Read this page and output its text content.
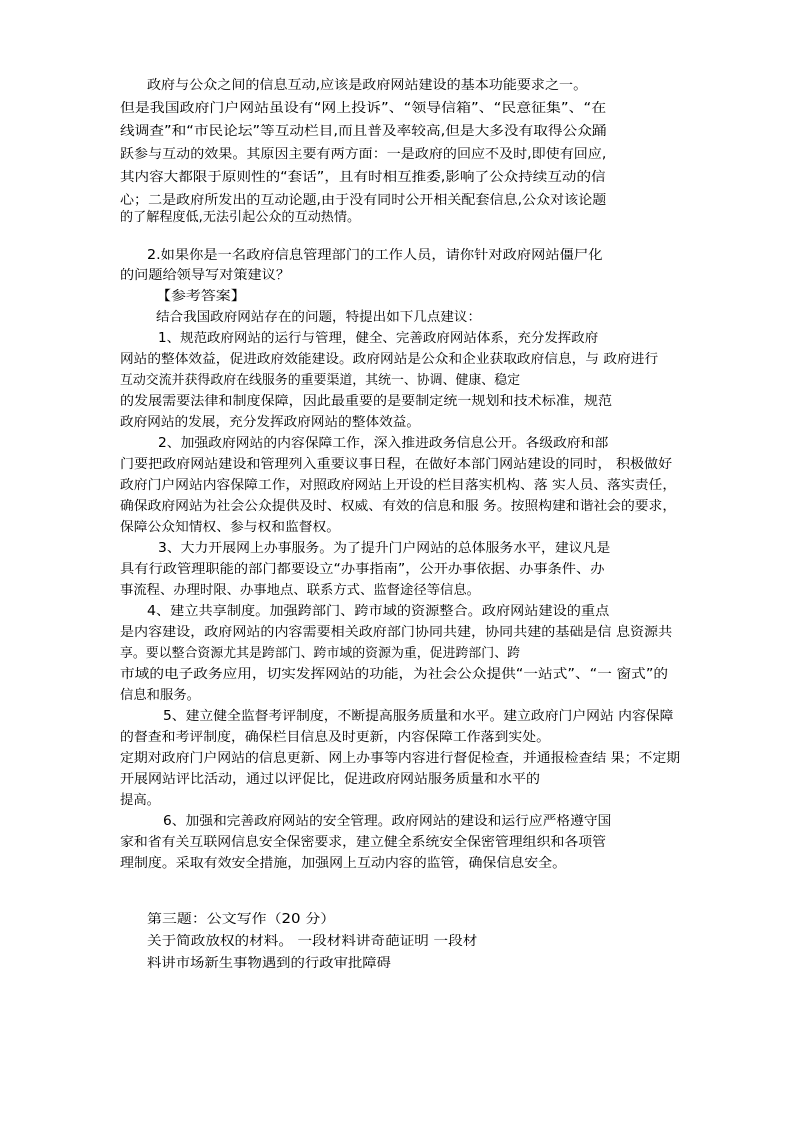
政府与公众之间的信息互动,应该是政府网站建设的基本功能要求之一。
但是我国政府门户网站虽设有“网上投诉”、“领导信箱”、“民意征集”、“在
线调查”和“市民论坛”等互动栏目,而且普及率较高,但是大多没有取得公众踊
跃参与互动的效果。其原因主要有两方面：一是政府的回应不及时,即使有回应,
其内容大都限于原则性的“套话”，且有时相互推委,影响了公众持续互动的信
心；二是政府所发出的互动论题,由于没有同时公开相关配套信息,公众对该论题
的了解程度低,无法引起公众的互动热情。
2.如果你是一名政府信息管理部门的工作人员，请你针对政府网站僵尸化
的问题给领导写对策建议？
【参考答案】
结合我国政府网站存在的问题，特提出如下几点建议：
1、规范政府网站的运行与管理，健全、完善政府网站体系，充分发挥政府
网站的整体效益，促进政府效能建设。政府网站是公众和企业获取政府信息，与 政府进行
互动交流并获得政府在线服务的重要渠道，其统一、协调、健康、稳定
的发展需要法律和制度保障，因此最重要的是要制定统一规划和技术标准，规范
政府网站的发展，充分发挥政府网站的整体效益。
2、加强政府网站的内容保障工作，深入推进政务信息公开。各级政府和部
门要把政府网站建设和管理列入重要议事日程，在做好本部门网站建设的同时， 积极做好
政府门户网站内容保障工作，对照政府网站上开设的栏目落实机构、落 实人员、落实责任，
确保政府网站为社会公众提供及时、权威、有效的信息和服 务。按照构建和谐社会的要求，
保障公众知情权、参与权和监督权。
3、大力开展网上办事服务。为了提升门户网站的总体服务水平，建议凡是
具有行政管理职能的部门都要设立“办事指南”，公开办事依据、办事条件、办
事流程、办理时限、办事地点、联系方式、监督途径等信息。
4、建立共享制度。加强跨部门、跨市域的资源整合。政府网站建设的重点
是内容建设，政府网站的内容需要相关政府部门协同共建，协同共建的基础是信 息资源共
享。要以整合资源尤其是跨部门、跨市域的资源为重，促进跨部门、跨
市域的电子政务应用，切实发挥网站的功能，为社会公众提供“一站式”、“一 窗式”的
信息和服务。
5、建立健全监督考评制度，不断提高服务质量和水平。建立政府门户网站 内容保障
的督查和考评制度，确保栏目信息及时更新，内容保障工作落到实处。
定期对政府门户网站的信息更新、网上办事等内容进行督促检查，并通报检查结 果；不定期
开展网站评比活动，通过以评促比，促进政府网站服务质量和水平的
提高。
6、加强和完善政府网站的安全管理。政府网站的建设和运行应严格遵守国
家和省有关互联网信息安全保密要求，建立健全系统安全保密管理组织和各项管
理制度。采取有效安全措施，加强网上互动内容的监管，确保信息安全。
第三题：公文写作（20 分）
关于简政放权的材料。 一段材料讲奇葩证明 一段材
料讲市场新生事物遇到的行政审批障碍
